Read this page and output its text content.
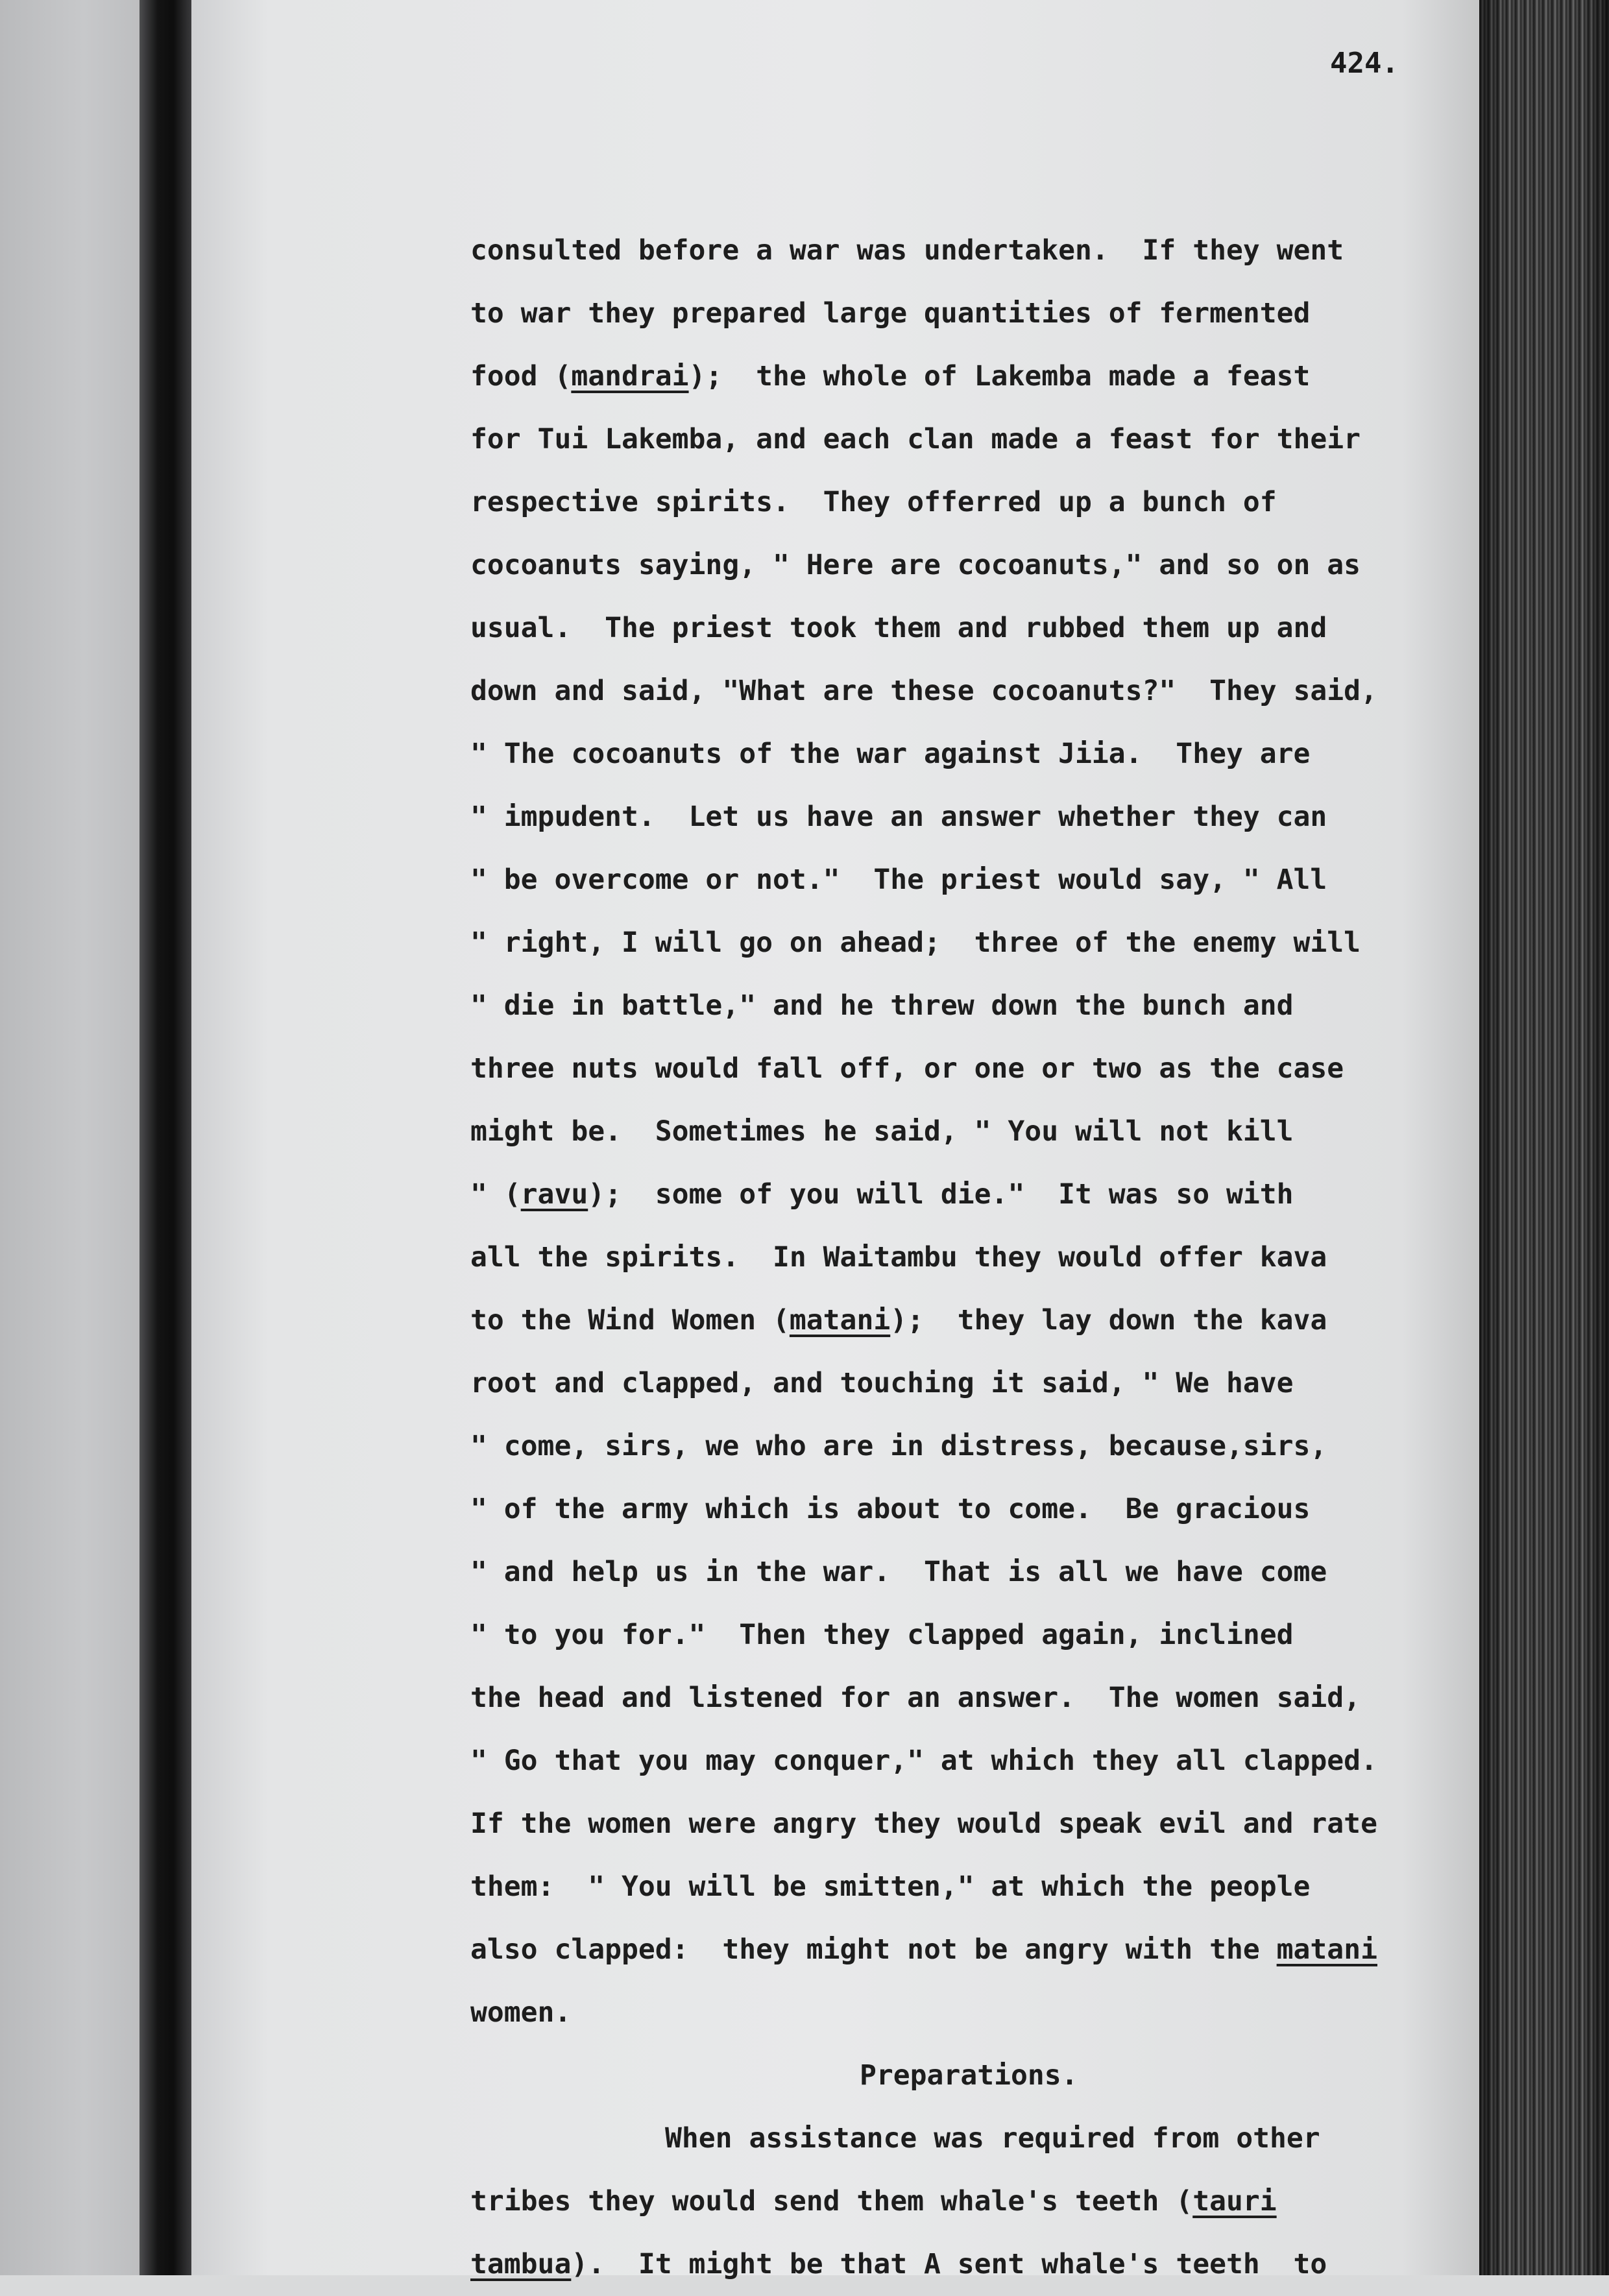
424.

consulted before a war was undertaken.  If they went
to war they prepared large quantities of fermented
food (mandrai);  the whole of Lakemba made a feast
for Tui Lakemba, and each clan made a feast for their
respective spirits.  They offerred up a bunch of
cocoanuts saying, " Here are cocoanuts," and so on as
usual.  The priest took them and rubbed them up and
down and said, "What are these cocoanuts?"  They said,
" The cocoanuts of the war against Jiia.  They are
" impudent.  Let us have an answer whether they can
" be overcome or not."  The priest would say, " All
" right, I will go on ahead;  three of the enemy will
" die in battle," and he threw down the bunch and
three nuts would fall off, or one or two as the case
might be.  Sometimes he said, " You will not kill
" (ravu);  some of you will die."  It was so with
all the spirits.  In Waitambu they would offer kava
to the Wind Women (matani);  they lay down the kava
root and clapped, and touching it said, " We have
" come, sirs, we who are in distress, because,sirs,
" of the army which is about to come.  Be gracious
" and help us in the war.  That is all we have come
" to you for."  Then they clapped again, inclined
the head and listened for an answer.  The women said,
" Go that you may conquer," at which they all clapped.
If the women were angry they would speak evil and rate
them:  " You will be smitten," at which the people
also clapped:  they might not be angry with the matani
women.
Preparations.
When assistance was required from other
tribes they would send them whale's teeth (tauri
tambua).  It might be that A sent whale's teeth  to
